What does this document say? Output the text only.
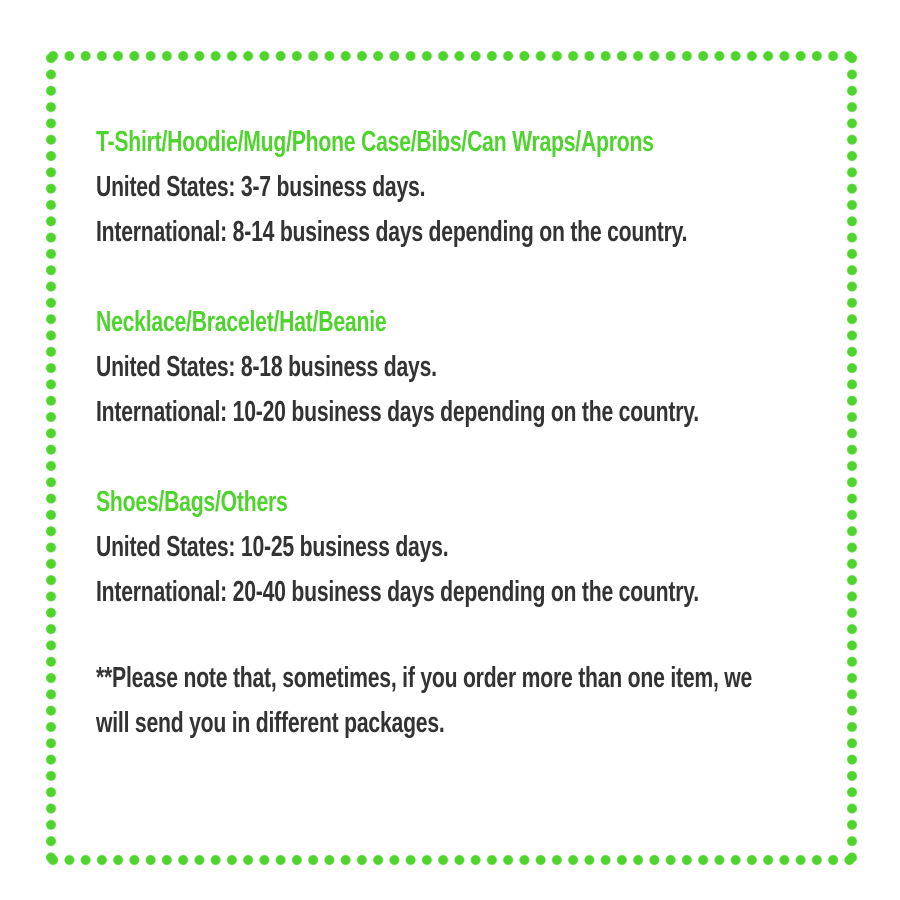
T-Shirt/Hoodie/Mug/Phone Case/Bibs/Can Wraps/Aprons
United States: 3-7 business days.
International: 8-14 business days depending on the country.
Necklace/Bracelet/Hat/Beanie
United States: 8-18 business days.
International: 10-20 business days depending on the country.
Shoes/Bags/Others
United States: 10-25 business days.
International: 20-40 business days depending on the country.
**Please note that, sometimes, if you order more than one item, we
will send you in different packages.
